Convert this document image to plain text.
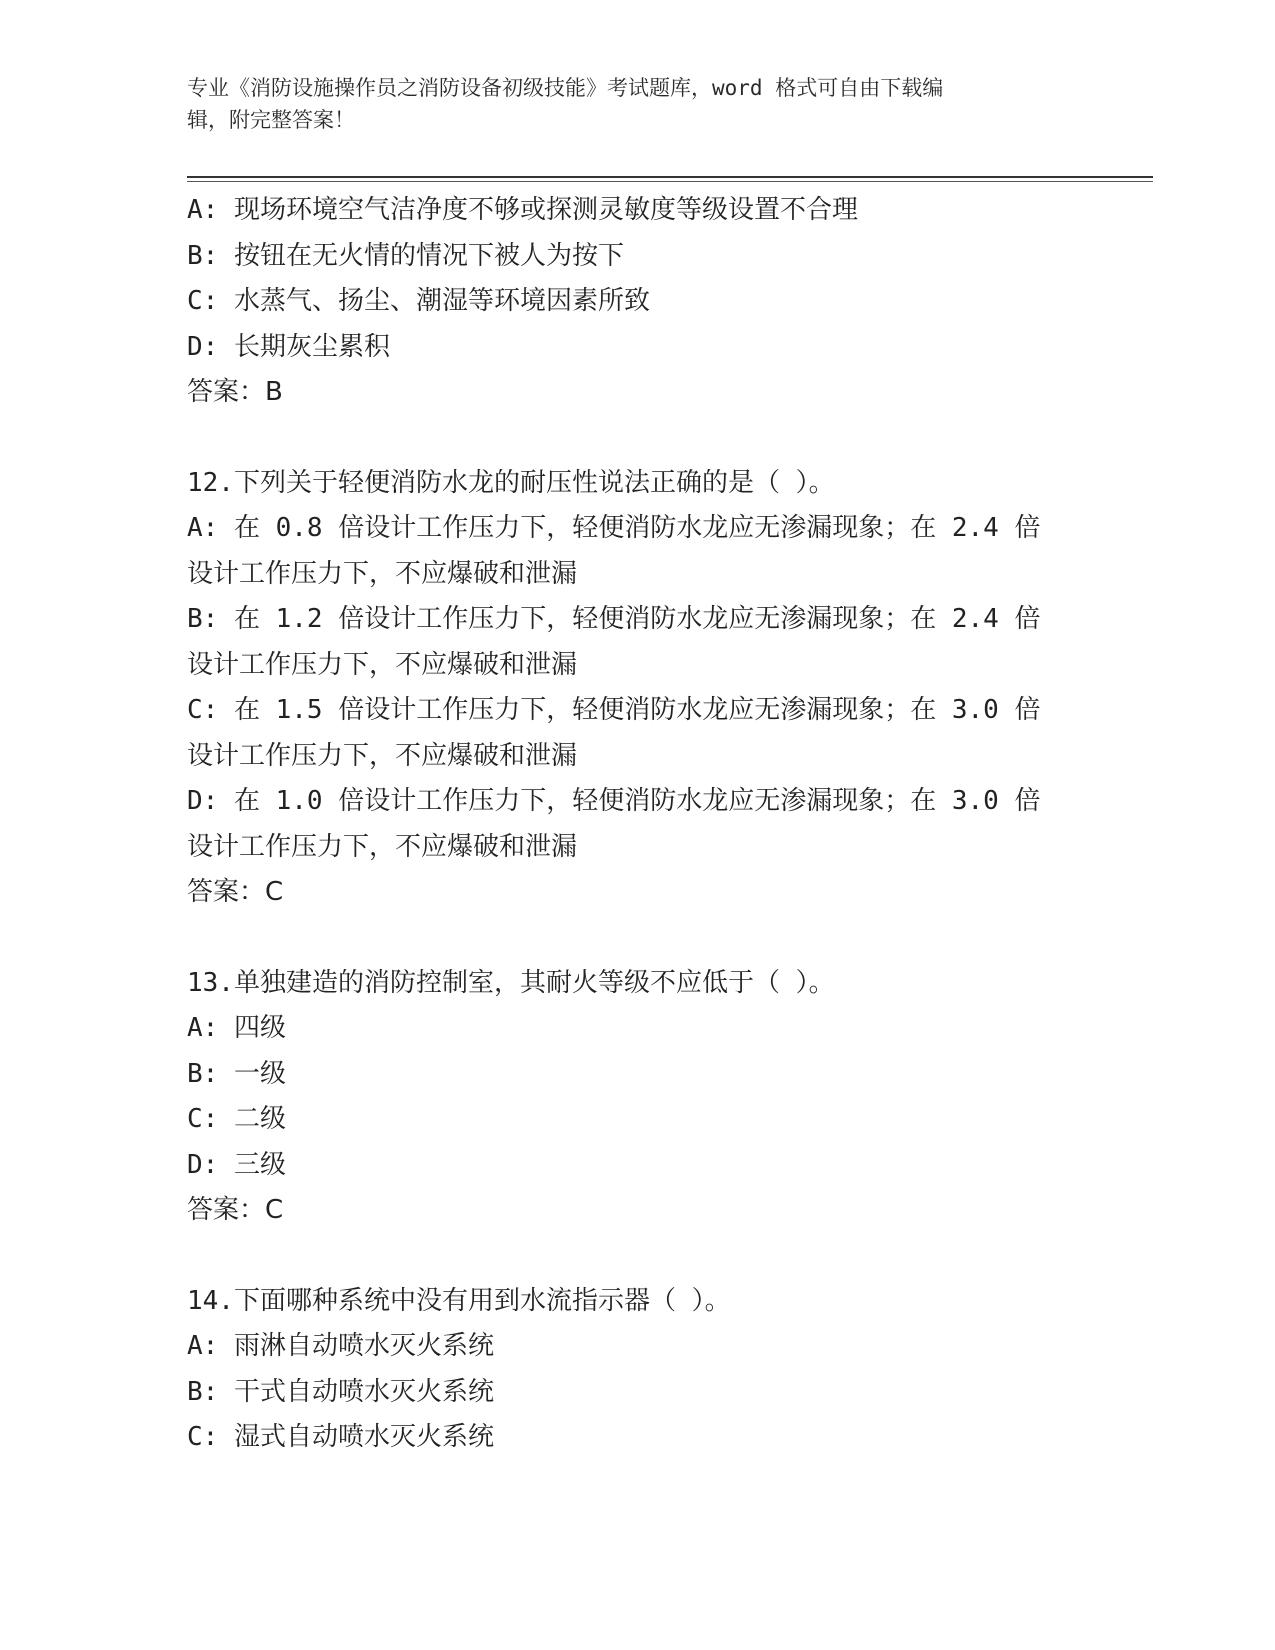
专业《消防设施操作员之消防设备初级技能》考试题库，word 格式可自由下载编
辑，附完整答案！
A: 现场环境空气洁净度不够或探测灵敏度等级设置不合理
B: 按钮在无火情的情况下被人为按下
C: 水蒸气、扬尘、潮湿等环境因素所致
D: 长期灰尘累积
答案：B
12.下列关于轻便消防水龙的耐压性说法正确的是（ ）。
A: 在 0.8 倍设计工作压力下，轻便消防水龙应无渗漏现象；在 2.4 倍
设计工作压力下，不应爆破和泄漏
B: 在 1.2 倍设计工作压力下，轻便消防水龙应无渗漏现象；在 2.4 倍
设计工作压力下，不应爆破和泄漏
C: 在 1.5 倍设计工作压力下，轻便消防水龙应无渗漏现象；在 3.0 倍
设计工作压力下，不应爆破和泄漏
D: 在 1.0 倍设计工作压力下，轻便消防水龙应无渗漏现象；在 3.0 倍
设计工作压力下，不应爆破和泄漏
答案：C
13.单独建造的消防控制室，其耐火等级不应低于（ ）。
A: 四级
B: 一级
C: 二级
D: 三级
答案：C
14.下面哪种系统中没有用到水流指示器（ ）。
A: 雨淋自动喷水灭火系统
B: 干式自动喷水灭火系统
C: 湿式自动喷水灭火系统
